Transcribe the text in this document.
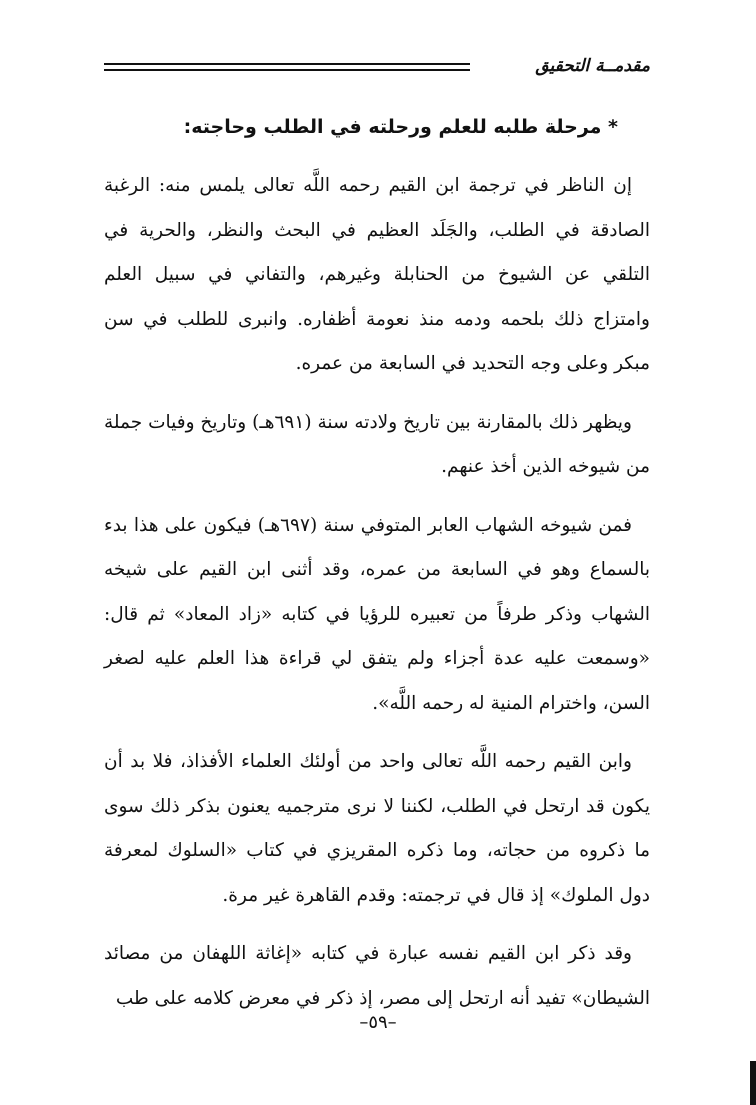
مقدمــة التحقيق
* مرحلة طلبه للعلم ورحلته في الطلب وحاجته:

إن الناظر في ترجمة ابن القيم رحمه اللَّه تعالى يلمس منه: الرغبة الصادقة في الطلب، والجَلَد العظيم في البحث والنظر، والحرية في التلقي عن الشيوخ من الحنابلة وغيرهم، والتفاني في سبيل العلم وامتزاج ذلك بلحمه ودمه منذ نعومة أظفاره. وانبرى للطلب في سن مبكر وعلى وجه التحديد في السابعة من عمره.

ويظهر ذلك بالمقارنة بين تاريخ ولادته سنة (٦٩١هـ) وتاريخ وفيات جملة من شيوخه الذين أخذ عنهم.

فمن شيوخه الشهاب العابر المتوفي سنة (٦٩٧هـ) فيكون على هذا بدء بالسماع وهو في السابعة من عمره، وقد أثنى ابن القيم على شيخه الشهاب وذكر طرفاً من تعبيره للرؤيا في كتابه «زاد المعاد» ثم قال: «وسمعت عليه عدة أجزاء ولم يتفق لي قراءة هذا العلم عليه لصغر السن، واخترام المنية له رحمه اللَّه».

وابن القيم رحمه اللَّه تعالى واحد من أولئك العلماء الأفذاذ، فلا بد أن يكون قد ارتحل في الطلب، لكننا لا نرى مترجميه يعنون بذكر ذلك سوى ما ذكروه من حجاته، وما ذكره المقريزي في كتاب «السلوك لمعرفة دول الملوك» إذ قال في ترجمته: وقدم القاهرة غير مرة.

وقد ذكر ابن القيم نفسه عبارة في كتابه «إغاثة اللهفان من مصائد الشيطان» تفيد أنه ارتحل إلى مصر، إذ ذكر في معرض كلامه على طب

–٥٩–
